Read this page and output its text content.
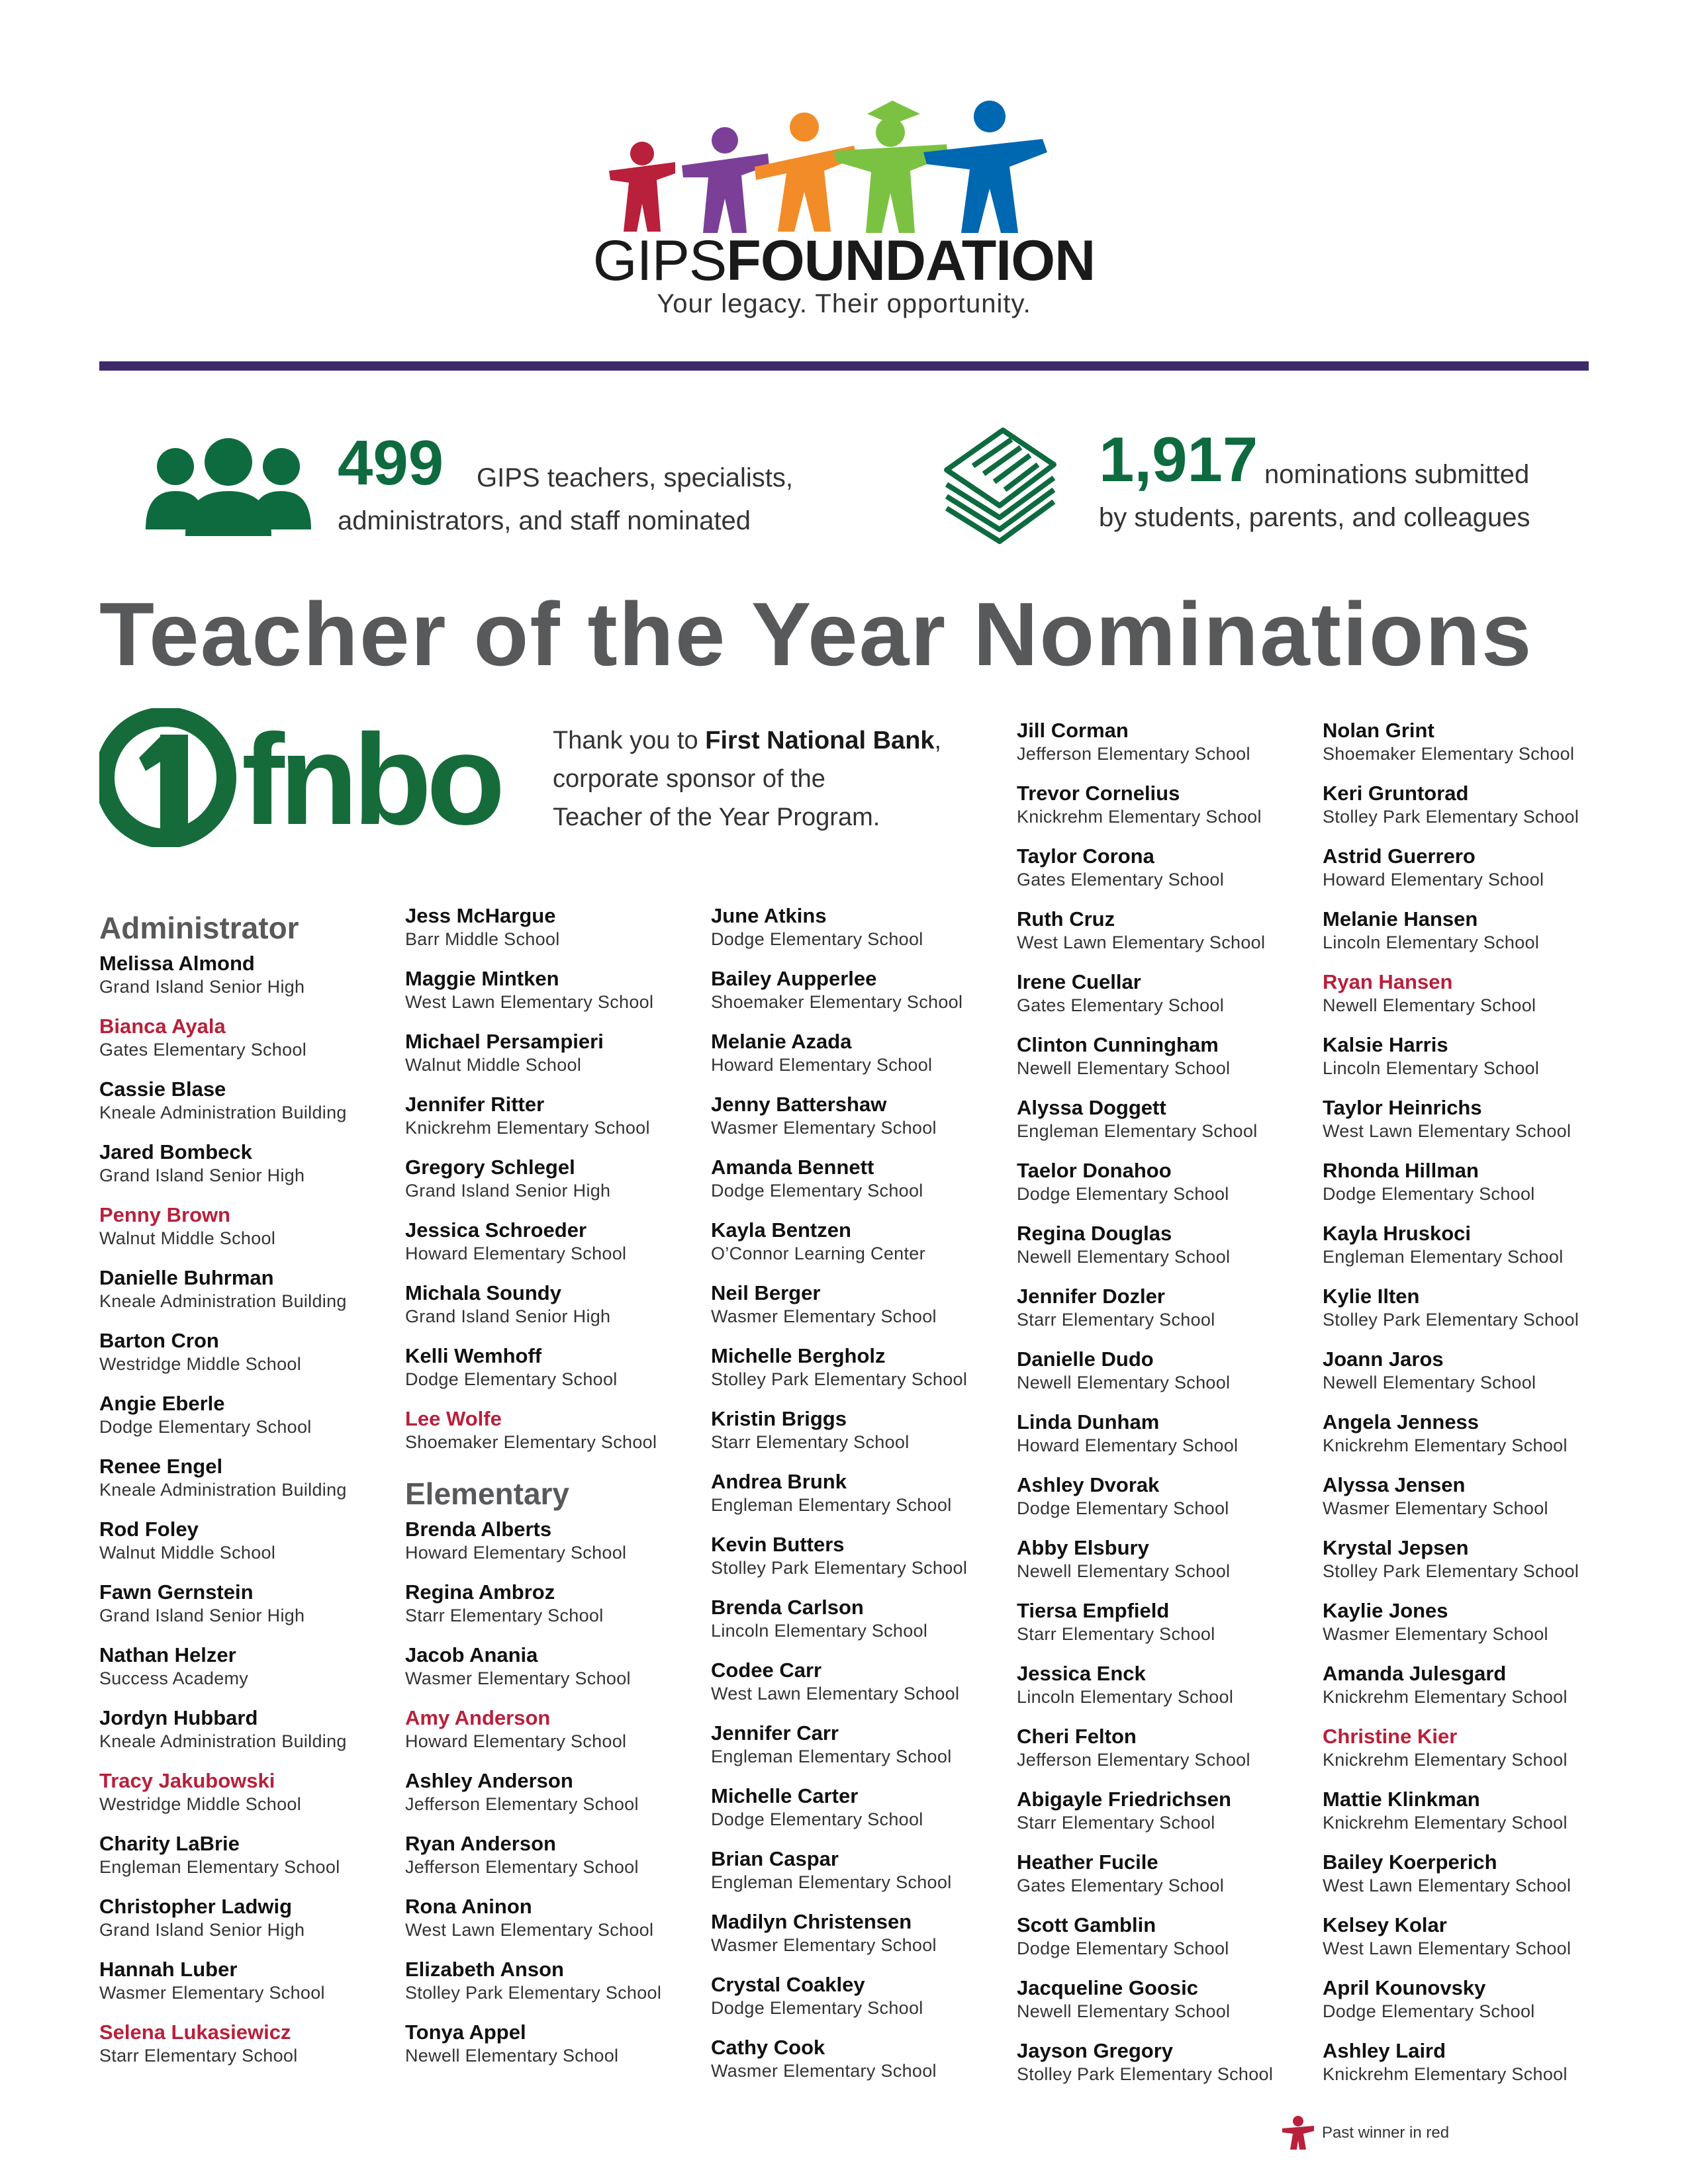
GIPSFOUNDATION
Your legacy. Their opportunity.
499 GIPS teachers, specialists,
administrators, and staff nominated
1,917 nominations submitted
by students, parents, and colleagues
Teacher of the Year Nominations
fnbo Thank you to First National Bank,
corporate sponsor of the
Teacher of the Year Program.
Administrator
Melissa Almond
Grand Island Senior High
Bianca Ayala
Gates Elementary School
Cassie Blase
Kneale Administration Building
Jared Bombeck
Grand Island Senior High
Penny Brown
Walnut Middle School
Danielle Buhrman
Kneale Administration Building
Barton Cron
Westridge Middle School
Angie Eberle
Dodge Elementary School
Renee Engel
Kneale Administration Building
Rod Foley
Walnut Middle School
Fawn Gernstein
Grand Island Senior High
Nathan Helzer
Success Academy
Jordyn Hubbard
Kneale Administration Building
Tracy Jakubowski
Westridge Middle School
Charity LaBrie
Engleman Elementary School
Christopher Ladwig
Grand Island Senior High
Hannah Luber
Wasmer Elementary School
Selena Lukasiewicz
Starr Elementary School
Jess McHargue
Barr Middle School
Maggie Mintken
West Lawn Elementary School
Michael Persampieri
Walnut Middle School
Jennifer Ritter
Knickrehm Elementary School
Gregory Schlegel
Grand Island Senior High
Jessica Schroeder
Howard Elementary School
Michala Soundy
Grand Island Senior High
Kelli Wemhoff
Dodge Elementary School
Lee Wolfe
Shoemaker Elementary School
Elementary
Brenda Alberts
Howard Elementary School
Regina Ambroz
Starr Elementary School
Jacob Anania
Wasmer Elementary School
Amy Anderson
Howard Elementary School
Ashley Anderson
Jefferson Elementary School
Ryan Anderson
Jefferson Elementary School
Rona Aninon
West Lawn Elementary School
Elizabeth Anson
Stolley Park Elementary School
Tonya Appel
Newell Elementary School
June Atkins
Dodge Elementary School
Bailey Aupperlee
Shoemaker Elementary School
Melanie Azada
Howard Elementary School
Jenny Battershaw
Wasmer Elementary School
Amanda Bennett
Dodge Elementary School
Kayla Bentzen
O’Connor Learning Center
Neil Berger
Wasmer Elementary School
Michelle Bergholz
Stolley Park Elementary School
Kristin Briggs
Starr Elementary School
Andrea Brunk
Engleman Elementary School
Kevin Butters
Stolley Park Elementary School
Brenda Carlson
Lincoln Elementary School
Codee Carr
West Lawn Elementary School
Jennifer Carr
Engleman Elementary School
Michelle Carter
Dodge Elementary School
Brian Caspar
Engleman Elementary School
Madilyn Christensen
Wasmer Elementary School
Crystal Coakley
Dodge Elementary School
Cathy Cook
Wasmer Elementary School
Jill Corman
Jefferson Elementary School
Trevor Cornelius
Knickrehm Elementary School
Taylor Corona
Gates Elementary School
Ruth Cruz
West Lawn Elementary School
Irene Cuellar
Gates Elementary School
Clinton Cunningham
Newell Elementary School
Alyssa Doggett
Engleman Elementary School
Taelor Donahoo
Dodge Elementary School
Regina Douglas
Newell Elementary School
Jennifer Dozler
Starr Elementary School
Danielle Dudo
Newell Elementary School
Linda Dunham
Howard Elementary School
Ashley Dvorak
Dodge Elementary School
Abby Elsbury
Newell Elementary School
Tiersa Empfield
Starr Elementary School
Jessica Enck
Lincoln Elementary School
Cheri Felton
Jefferson Elementary School
Abigayle Friedrichsen
Starr Elementary School
Heather Fucile
Gates Elementary School
Scott Gamblin
Dodge Elementary School
Jacqueline Goosic
Newell Elementary School
Jayson Gregory
Stolley Park Elementary School
Nolan Grint
Shoemaker Elementary School
Keri Gruntorad
Stolley Park Elementary School
Astrid Guerrero
Howard Elementary School
Melanie Hansen
Lincoln Elementary School
Ryan Hansen
Newell Elementary School
Kalsie Harris
Lincoln Elementary School
Taylor Heinrichs
West Lawn Elementary School
Rhonda Hillman
Dodge Elementary School
Kayla Hruskoci
Engleman Elementary School
Kylie Ilten
Stolley Park Elementary School
Joann Jaros
Newell Elementary School
Angela Jenness
Knickrehm Elementary School
Alyssa Jensen
Wasmer Elementary School
Krystal Jepsen
Stolley Park Elementary School
Kaylie Jones
Wasmer Elementary School
Amanda Julesgard
Knickrehm Elementary School
Christine Kier
Knickrehm Elementary School
Mattie Klinkman
Knickrehm Elementary School
Bailey Koerperich
West Lawn Elementary School
Kelsey Kolar
West Lawn Elementary School
April Kounovsky
Dodge Elementary School
Ashley Laird
Knickrehm Elementary School
Past winner in red
